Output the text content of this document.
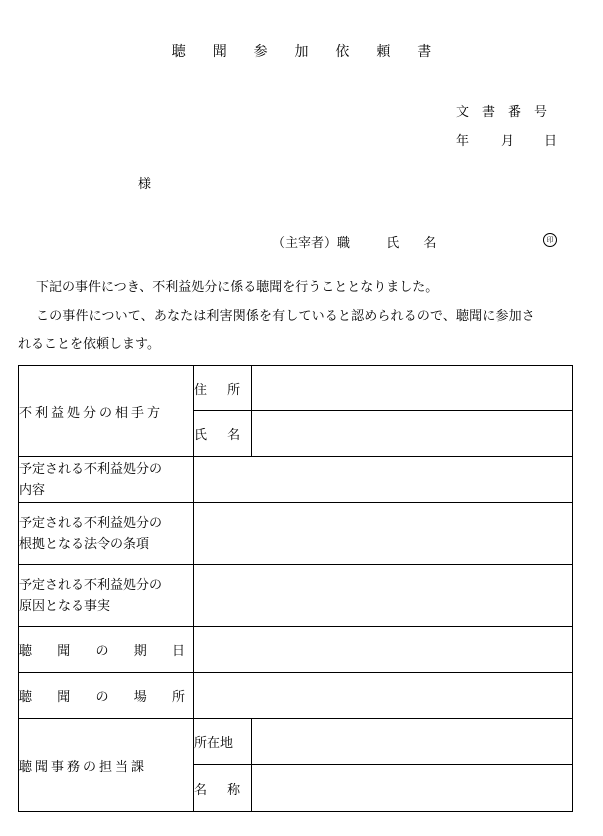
聴 聞 参 加 依 頼 書
文 書 番 号
年 月 日
様
（主宰者）職	氏 名	印
下記の事件につき、不利益処分に係る聴聞を行うこととなりました。
この事件について、あなたは利害関係を有していると認められるので、聴聞に参加さ
れることを依頼します。
不利益処分の相手方	住 所	
	氏 名	

予定される不利益処分の
内容		

予定される不利益処分の
根拠となる法令の条項		

予定される不利益処分の
原因となる事実		

聴 聞 の 期 日		

聴 聞 の 場 所		

聴聞事務の担当課	所在地	
	名 称	
